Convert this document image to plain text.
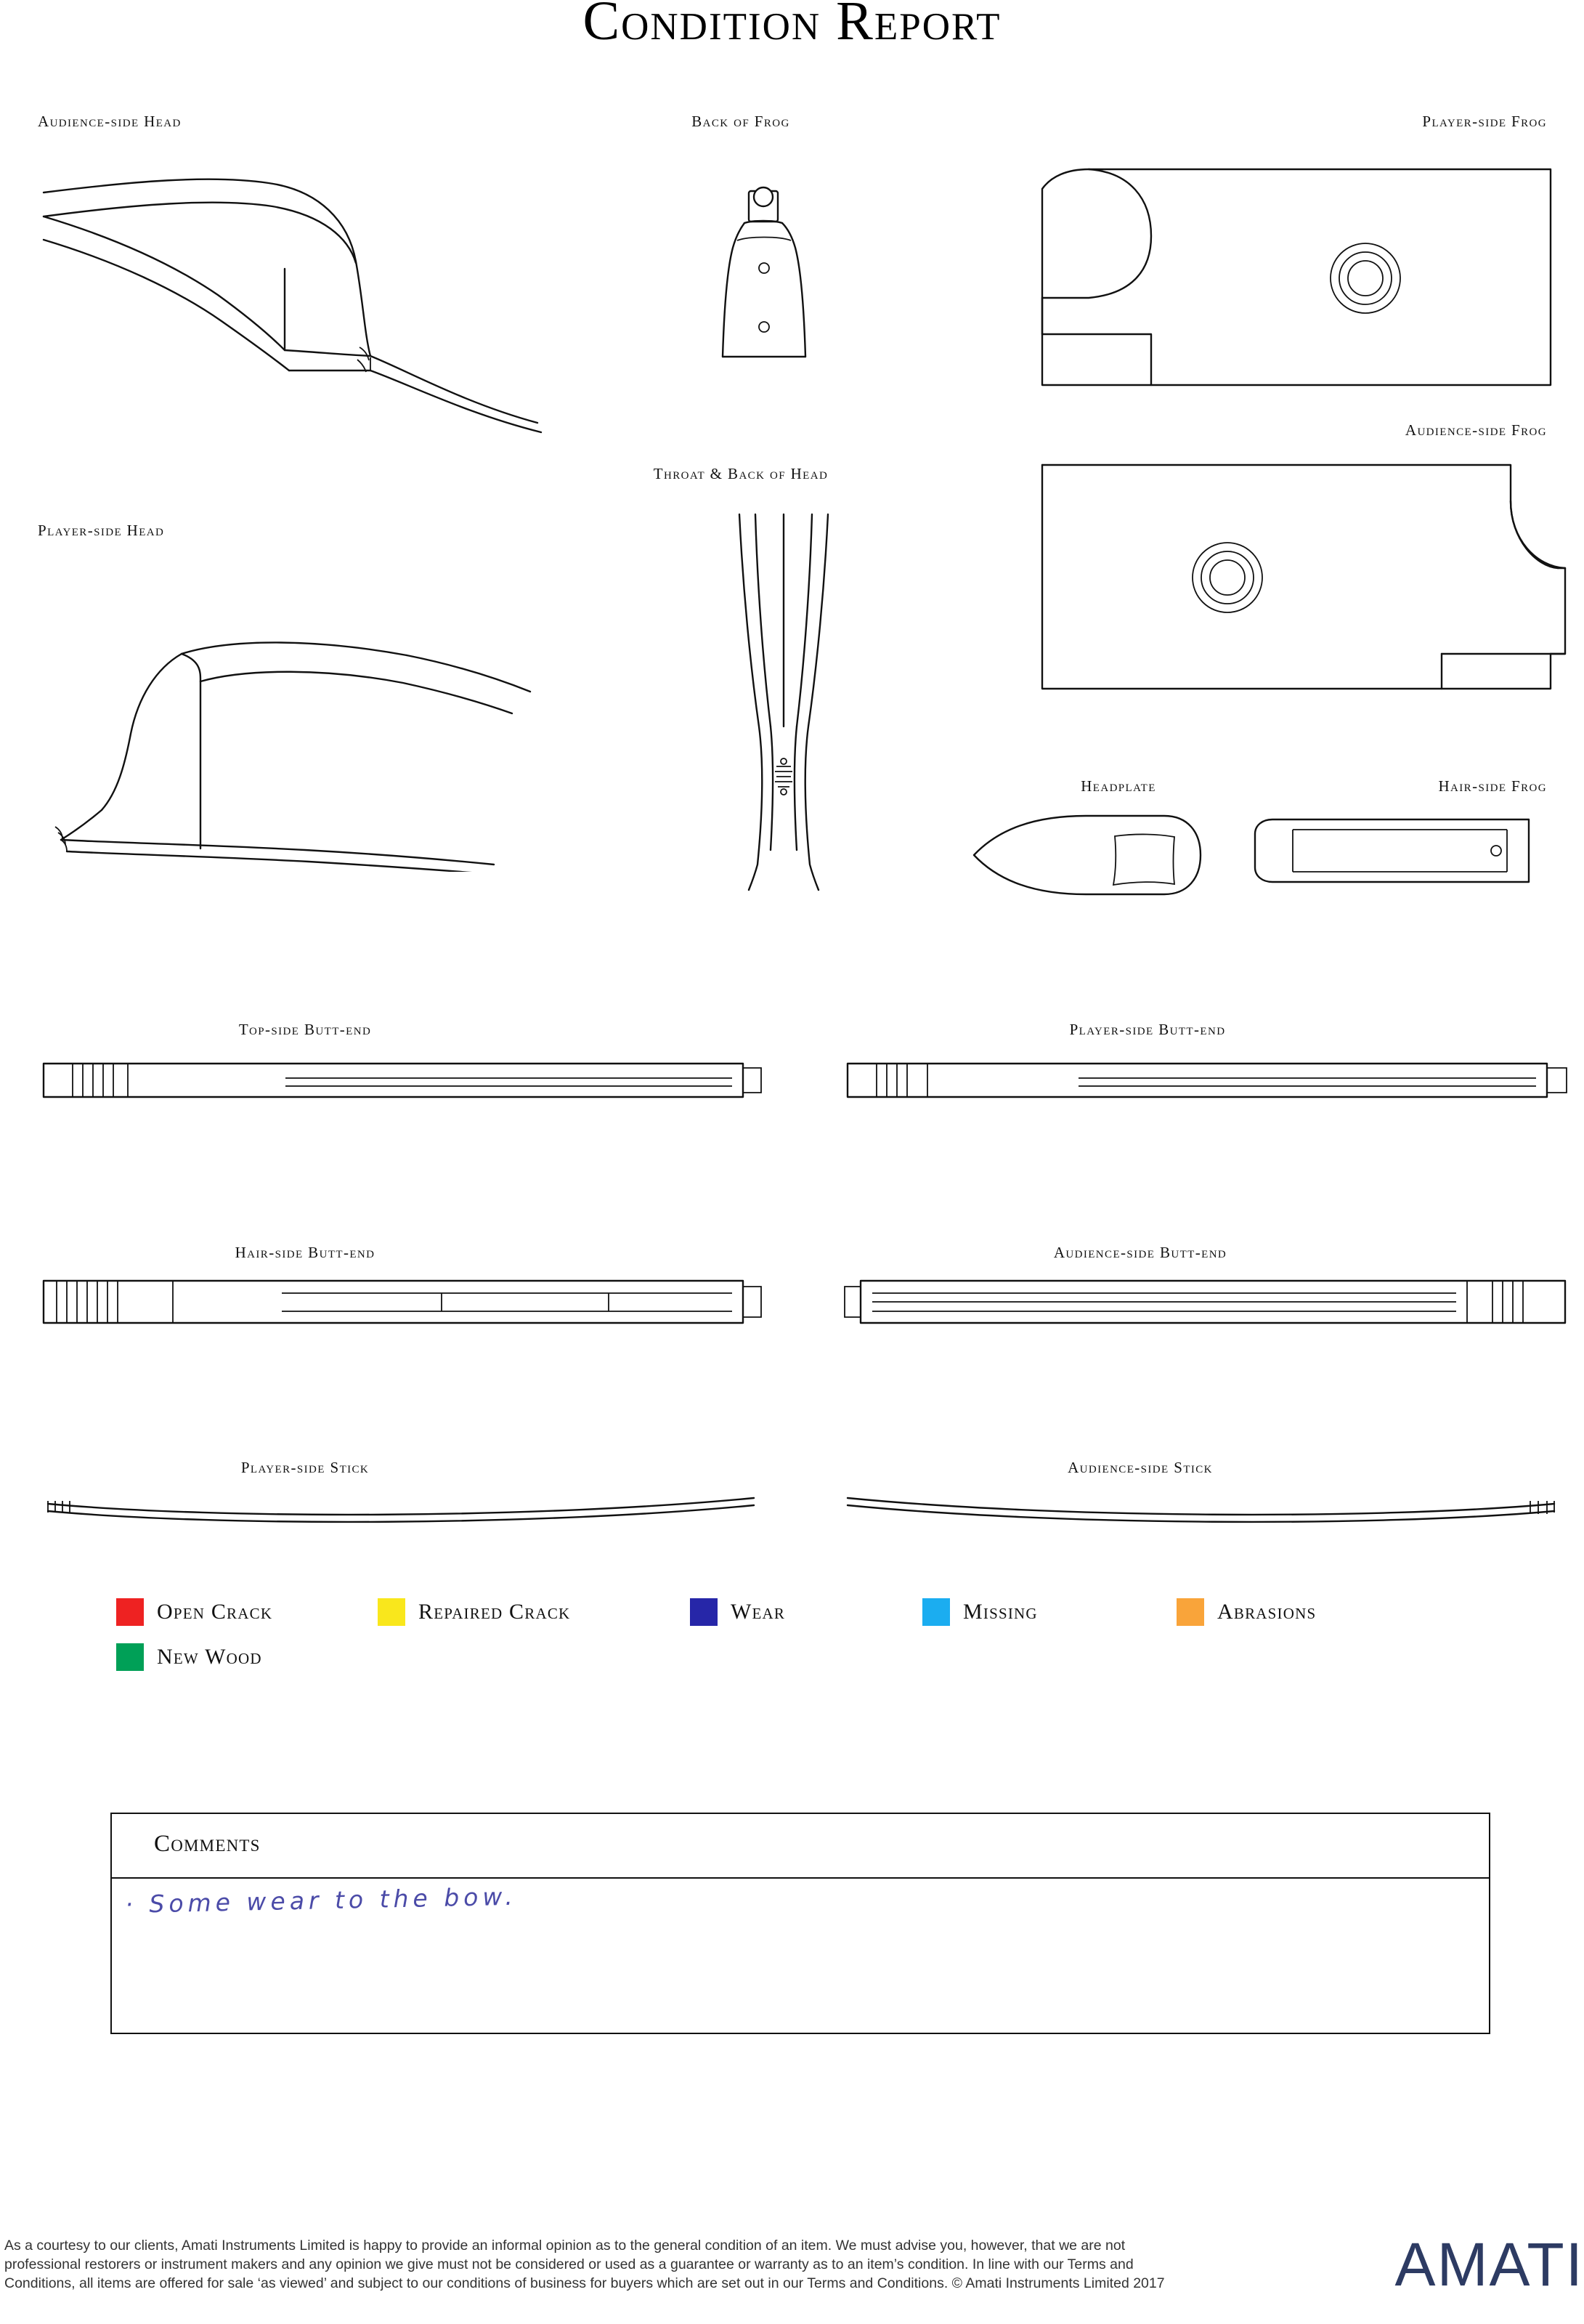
Condition Report
Audience-side Head
Player-side Head
Back of Frog	Player-side Frog
Audience-side Frog
Throat & Back of Head
Headplate	Hair-side Frog
Top-side Butt-end	Player-side Butt-end
Hair-side Butt-end	Audience-side Butt-end
Player-side Stick	Audience-side Stick
Open Crack	Repaired Crack	Wear	Missing	Abrasions
New Wood
Comments
· Some wear to the bow.
As a courtesy to our clients, Amati Instruments Limited is happy to provide an informal opinion as to the general condition of an item. We must advise you, however, that we are not professional restorers or instrument makers and any opinion we give must not be considered or used as a guarantee or warranty as to an item’s condition. In line with our Terms and Conditions, all items are offered for sale ‘as viewed’ and subject to our conditions of business for buyers which are set out in our Terms and Conditions. © Amati Instruments Limited 2017	AMATI
